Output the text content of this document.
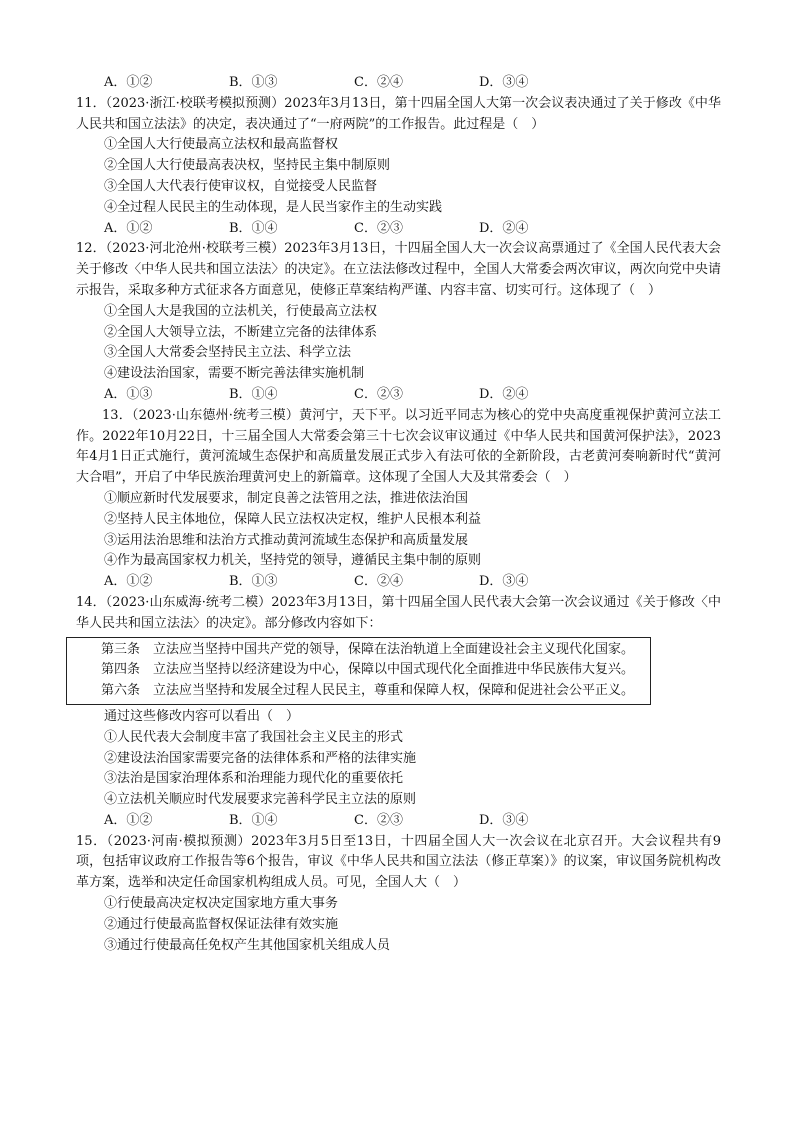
A．①②	B．①③	C．②④	D．③④

11．（2023·浙江·校联考模拟预测）2023年3月13日，第十四届全国人大第一次会议表决通过了关于修改《中华人民共和国立法法》的决定，表决通过了“一府两院”的工作报告。此过程是（　）

①全国人大行使最高立法权和最高监督权

②全国人大行使最高表决权，坚持民主集中制原则

③全国人大代表行使审议权，自觉接受人民监督

④全过程人民民主的生动体现，是人民当家作主的生动实践

A．①②	B．①④	C．②③	D．②④

12．（2023·河北沧州·校联考三模）2023年3月13日，十四届全国人大一次会议高票通过了《全国人民代表大会关于修改〈中华人民共和国立法法〉的决定》。在立法法修改过程中，全国人大常委会两次审议，两次向党中央请示报告，采取多种方式征求各方面意见，使修正草案结构严谨、内容丰富、切实可行。这体现了（　）

①全国人大是我国的立法机关，行使最高立法权

②全国人大领导立法，不断建立完备的法律体系

③全国人大常委会坚持民主立法、科学立法

④建设法治国家，需要不断完善法律实施机制

A．①③	B．①④	C．②③	D．②④

13．（2023·山东德州·统考三模）黄河宁，天下平。以习近平同志为核心的党中央高度重视保护黄河立法工作。2022年10月22日，十三届全国人大常委会第三十七次会议审议通过《中华人民共和国黄河保护法》，2023年4月1日正式施行，黄河流域生态保护和高质量发展正式步入有法可依的全新阶段，古老黄河奏响新时代“黄河大合唱”，开启了中华民族治理黄河史上的新篇章。这体现了全国人大及其常委会（　）

①顺应新时代发展要求，制定良善之法管用之法，推进依法治国

②坚持人民主体地位，保障人民立法权决定权，维护人民根本利益

③运用法治思维和法治方式推动黄河流域生态保护和高质量发展

④作为最高国家权力机关，坚持党的领导，遵循民主集中制的原则

A．①②	B．①③	C．②④	D．③④

14．（2023·山东威海·统考二模）2023年3月13日，第十四届全国人民代表大会第一次会议通过《关于修改〈中华人民共和国立法法〉的决定》。部分修改内容如下：

第三条　立法应当坚持中国共产党的领导，保障在法治轨道上全面建设社会主义现代化国家。

第四条　立法应当坚持以经济建设为中心，保障以中国式现代化全面推进中华民族伟大复兴。

第六条　立法应当坚持和发展全过程人民民主，尊重和保障人权，保障和促进社会公平正义。

通过这些修改内容可以看出（　）

①人民代表大会制度丰富了我国社会主义民主的形式

②建设法治国家需要完备的法律体系和严格的法律实施

③法治是国家治理体系和治理能力现代化的重要依托

④立法机关顺应时代发展要求完善科学民主立法的原则

A．①②	B．①④	C．②③	D．③④

15．（2023·河南·模拟预测）2023年3月5日至13日，十四届全国人大一次会议在北京召开。大会议程共有9项，包括审议政府工作报告等6个报告，审议《中华人民共和国立法法（修正草案）》的议案，审议国务院机构改革方案，选举和决定任命国家机构组成人员。可见，全国人大（　）

①行使最高决定权决定国家地方重大事务

②通过行使最高监督权保证法律有效实施

③通过行使最高任免权产生其他国家机关组成人员
